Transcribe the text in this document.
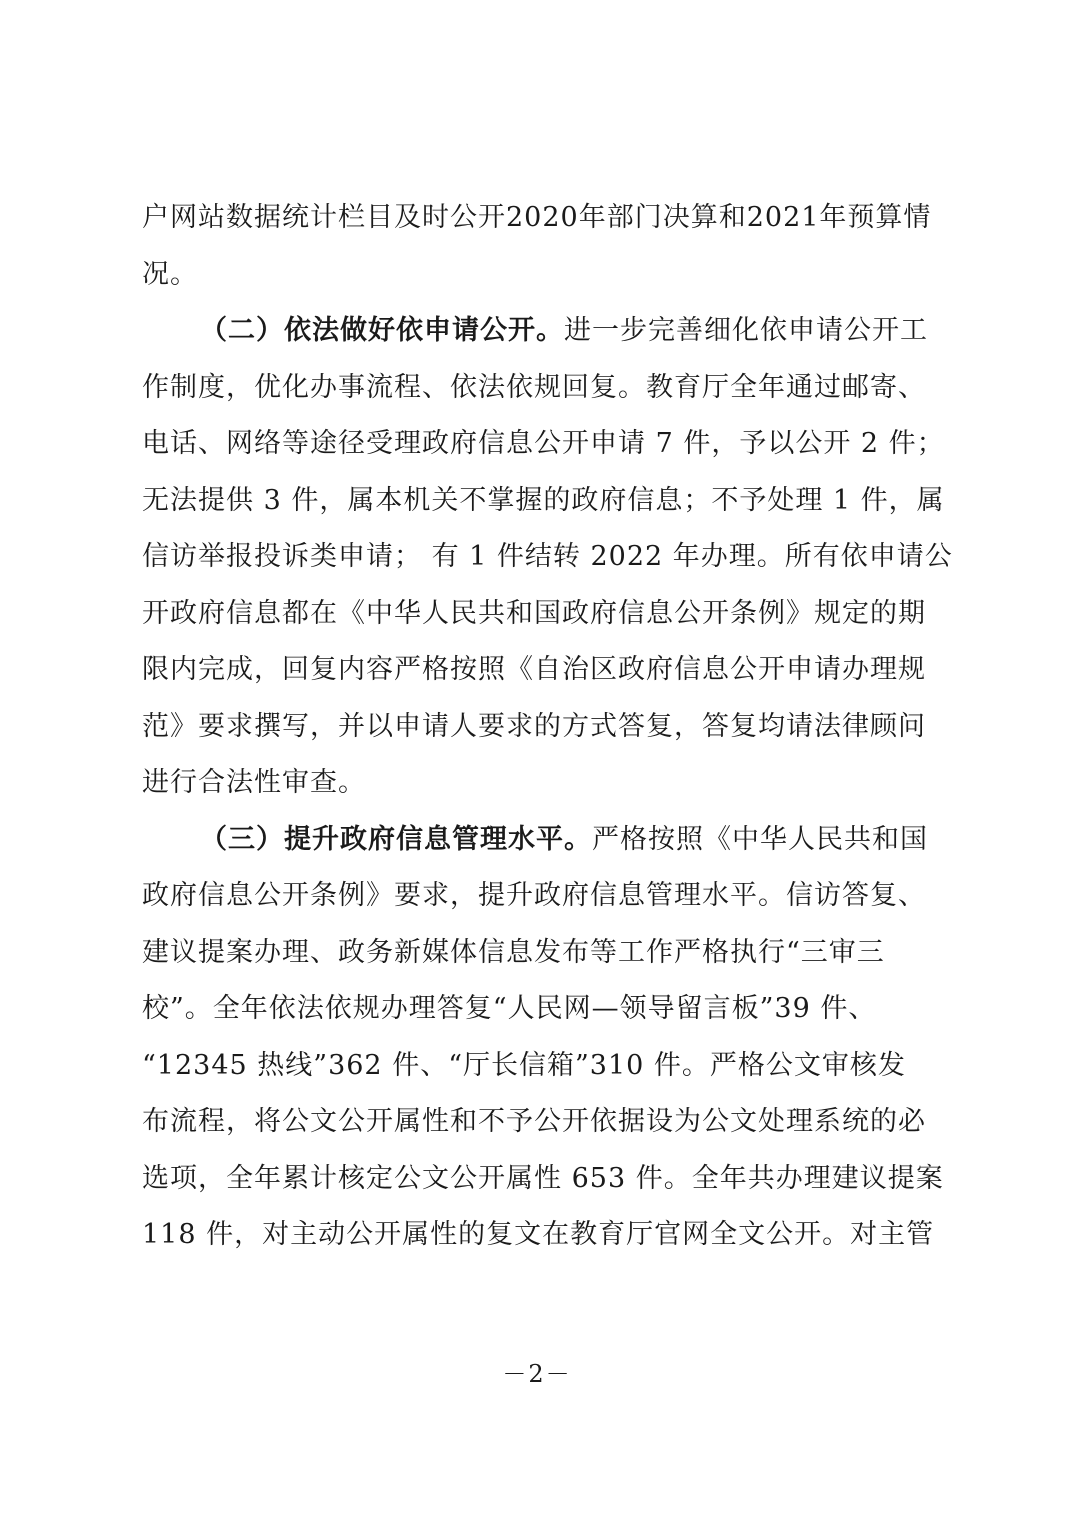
户网站数据统计栏目及时公开2020年部门决算和2021年预算情
况。
（二）依法做好依申请公开。进一步完善细化依申请公开工
作制度，优化办事流程、依法依规回复。教育厅全年通过邮寄、
电话、网络等途径受理政府信息公开申请 7 件，予以公开 2 件；
无法提供 3 件，属本机关不掌握的政府信息；不予处理 1 件，属
信访举报投诉类申请； 有 1 件结转 2022 年办理。所有依申请公
开政府信息都在《中华人民共和国政府信息公开条例》规定的期
限内完成，回复内容严格按照《自治区政府信息公开申请办理规
范》要求撰写，并以申请人要求的方式答复，答复均请法律顾问
进行合法性审查。
（三）提升政府信息管理水平。严格按照《中华人民共和国
政府信息公开条例》要求，提升政府信息管理水平。信访答复、
建议提案办理、政务新媒体信息发布等工作严格执行“三审三
校”。全年依法依规办理答复“人民网—领导留言板”39 件、
“12345 热线”362 件、“厅长信箱”310 件。严格公文审核发
布流程，将公文公开属性和不予公开依据设为公文处理系统的必
选项，全年累计核定公文公开属性 653 件。全年共办理建议提案
118 件，对主动公开属性的复文在教育厅官网全文公开。对主管
－2－
